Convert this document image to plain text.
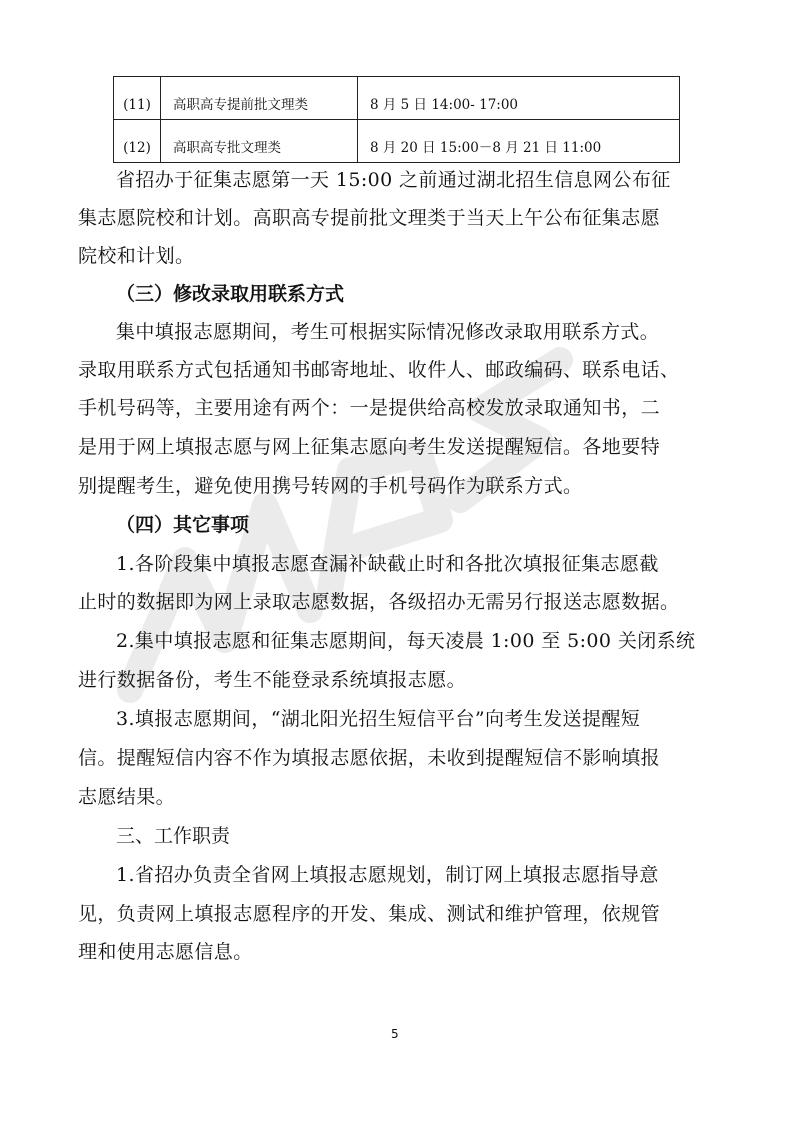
(11)	高职高专提前批文理类	8 月 5 日 14:00- 17:00
(12)	高职高专批文理类	8 月 20 日 15:00－8 月 21 日 11:00
省招办于征集志愿第一天 15:00 之前通过湖北招生信息网公布征
集志愿院校和计划。高职高专提前批文理类于当天上午公布征集志愿
院校和计划。
（三）修改录取用联系方式
集中填报志愿期间，考生可根据实际情况修改录取用联系方式。
录取用联系方式包括通知书邮寄地址、收件人、邮政编码、联系电话、
手机号码等，主要用途有两个：一是提供给高校发放录取通知书，二
是用于网上填报志愿与网上征集志愿向考生发送提醒短信。各地要特
别提醒考生，避免使用携号转网的手机号码作为联系方式。
（四）其它事项
1.各阶段集中填报志愿查漏补缺截止时和各批次填报征集志愿截
止时的数据即为网上录取志愿数据，各级招办无需另行报送志愿数据。
2.集中填报志愿和征集志愿期间，每天凌晨 1:00 至 5:00 关闭系统
进行数据备份，考生不能登录系统填报志愿。
3.填报志愿期间，“湖北阳光招生短信平台”向考生发送提醒短
信。提醒短信内容不作为填报志愿依据，未收到提醒短信不影响填报
志愿结果。
三、工作职责
1.省招办负责全省网上填报志愿规划，制订网上填报志愿指导意
见，负责网上填报志愿程序的开发、集成、测试和维护管理，依规管
理和使用志愿信息。
5
